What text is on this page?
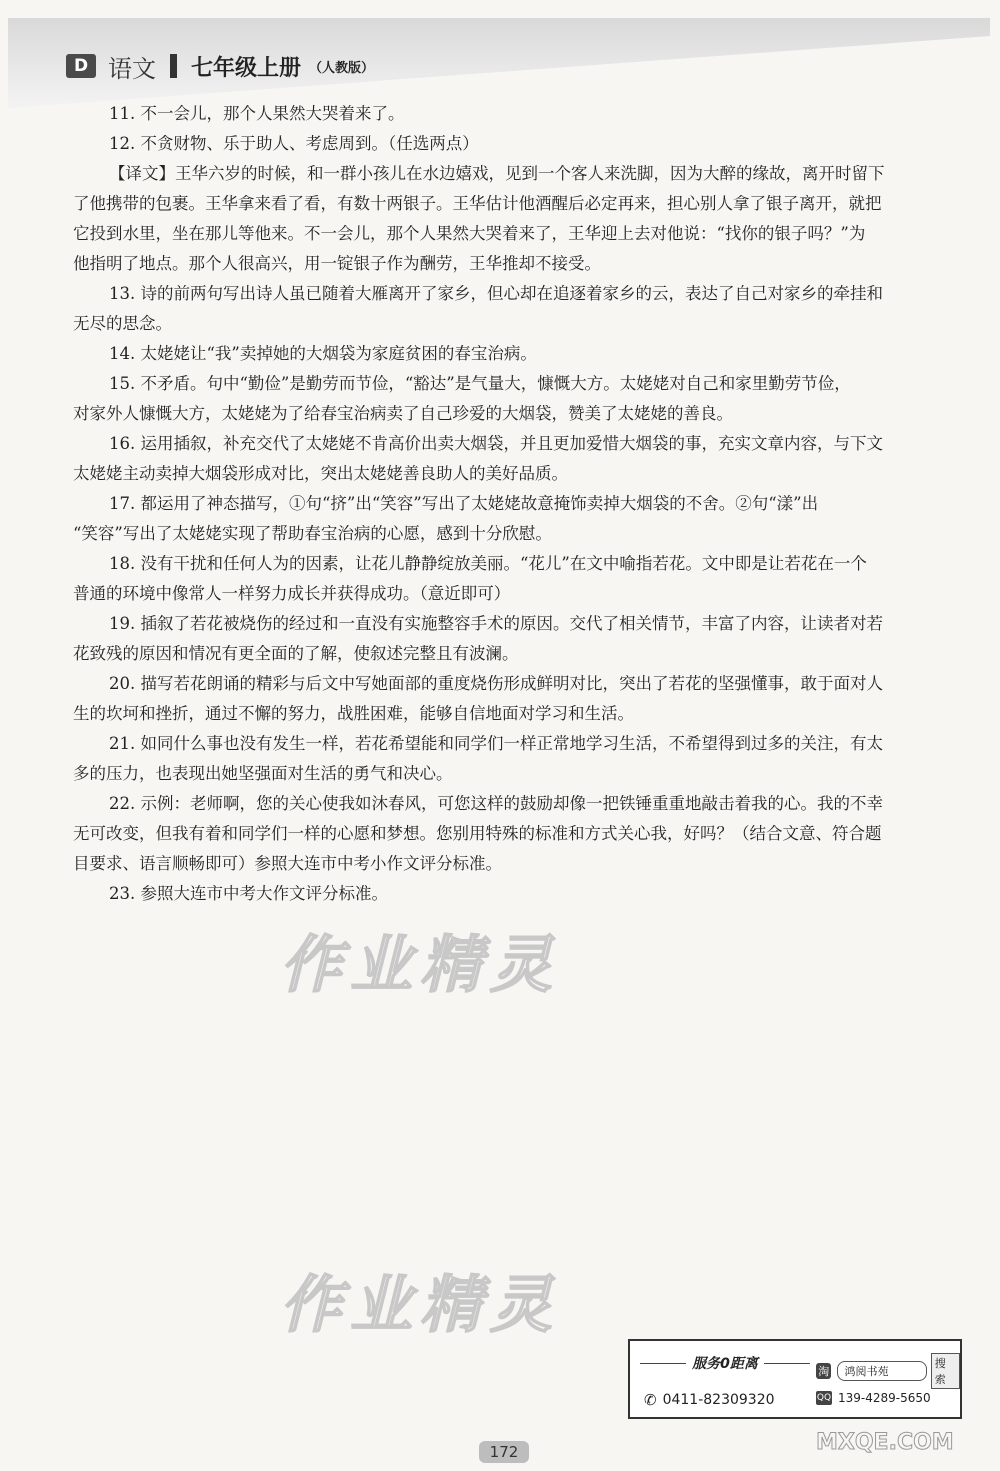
D 语文 七年级上册 （人教版）
11. 不一会儿，那个人果然大哭着来了。
12. 不贪财物、乐于助人、考虑周到。（任选两点）
【译文】王华六岁的时候，和一群小孩儿在水边嬉戏，见到一个客人来洗脚，因为大醉的缘故，离开时留下
了他携带的包裹。王华拿来看了看，有数十两银子。王华估计他酒醒后必定再来，担心别人拿了银子离开，就把
它投到水里，坐在那儿等他来。不一会儿，那个人果然大哭着来了，王华迎上去对他说：“找你的银子吗？”为
他指明了地点。那个人很高兴，用一锭银子作为酬劳，王华推却不接受。
13. 诗的前两句写出诗人虽已随着大雁离开了家乡，但心却在追逐着家乡的云，表达了自己对家乡的牵挂和
无尽的思念。
14. 太姥姥让“我”卖掉她的大烟袋为家庭贫困的春宝治病。
15. 不矛盾。句中“勤俭”是勤劳而节俭，“豁达”是气量大，慷慨大方。太姥姥对自己和家里勤劳节俭，
对家外人慷慨大方，太姥姥为了给春宝治病卖了自己珍爱的大烟袋，赞美了太姥姥的善良。
16. 运用插叙，补充交代了太姥姥不肯高价出卖大烟袋，并且更加爱惜大烟袋的事，充实文章内容，与下文
太姥姥主动卖掉大烟袋形成对比，突出太姥姥善良助人的美好品质。
17. 都运用了神态描写，①句“挤”出“笑容”写出了太姥姥故意掩饰卖掉大烟袋的不舍。②句“漾”出
“笑容”写出了太姥姥实现了帮助春宝治病的心愿，感到十分欣慰。
18. 没有干扰和任何人为的因素，让花儿静静绽放美丽。“花儿”在文中喻指若花。文中即是让若花在一个
普通的环境中像常人一样努力成长并获得成功。（意近即可）
19. 插叙了若花被烧伤的经过和一直没有实施整容手术的原因。交代了相关情节，丰富了内容，让读者对若
花致残的原因和情况有更全面的了解，使叙述完整且有波澜。
20. 描写若花朗诵的精彩与后文中写她面部的重度烧伤形成鲜明对比，突出了若花的坚强懂事，敢于面对人
生的坎坷和挫折，通过不懈的努力，战胜困难，能够自信地面对学习和生活。
21. 如同什么事也没有发生一样，若花希望能和同学们一样正常地学习生活，不希望得到过多的关注，有太
多的压力，也表现出她坚强面对生活的勇气和决心。
22. 示例：老师啊，您的关心使我如沐春风，可您这样的鼓励却像一把铁锤重重地敲击着我的心。我的不幸
无可改变，但我有着和同学们一样的心愿和梦想。您别用特殊的标准和方式关心我，好吗？（结合文意、符合题
目要求、语言顺畅即可）参照大连市中考小作文评分标准。
23. 参照大连市中考大作文评分标准。
作业精灵
作业精灵
服务0距离
✆ 0411-82309320
淘	鸿阅书苑
搜索
QQ 139-4289-5650
172	MXQE.COM
